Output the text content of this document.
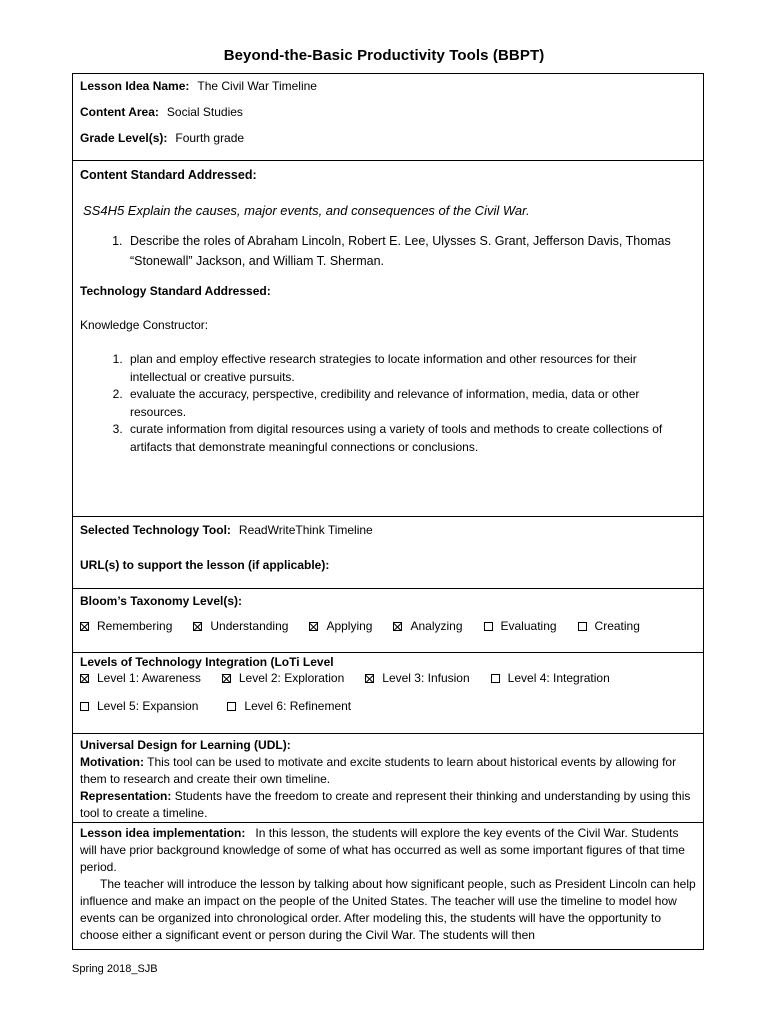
Beyond-the-Basic Productivity Tools (BBPT)
Lesson Idea Name: The Civil War Timeline
Content Area: Social Studies
Grade Level(s): Fourth grade
Content Standard Addressed:
SS4H5 Explain the causes, major events, and consequences of the Civil War.
1. Describe the roles of Abraham Lincoln, Robert E. Lee, Ulysses S. Grant, Jefferson Davis, Thomas “Stonewall” Jackson, and William T. Sherman.
Technology Standard Addressed:
Knowledge Constructor:
1. plan and employ effective research strategies to locate information and other resources for their intellectual or creative pursuits.
2. evaluate the accuracy, perspective, credibility and relevance of information, media, data or other resources.
3. curate information from digital resources using a variety of tools and methods to create collections of artifacts that demonstrate meaningful connections or conclusions.
Selected Technology Tool: ReadWriteThink Timeline
URL(s) to support the lesson (if applicable):
Bloom’s Taxonomy Level(s):
Remembering	Understanding	Applying	Analyzing	Evaluating	Creating
Levels of Technology Integration (LoTi Level
Level 1: Awareness	Level 2: Exploration	Level 3: Infusion	Level 4: Integration
Level 5: Expansion	Level 6: Refinement
Universal Design for Learning (UDL):
Motivation: This tool can be used to motivate and excite students to learn about historical events by allowing for them to research and create their own timeline.
Representation: Students have the freedom to create and represent their thinking and understanding by using this tool to create a timeline.
Lesson idea implementation: In this lesson, the students will explore the key events of the Civil War. Students will have prior background knowledge of some of what has occurred as well as some important figures of that time period.
The teacher will introduce the lesson by talking about how significant people, such as President Lincoln can help influence and make an impact on the people of the United States. The teacher will use the timeline to model how events can be organized into chronological order. After modeling this, the students will have the opportunity to choose either a significant event or person during the Civil War. The students will then
Spring 2018_SJB
